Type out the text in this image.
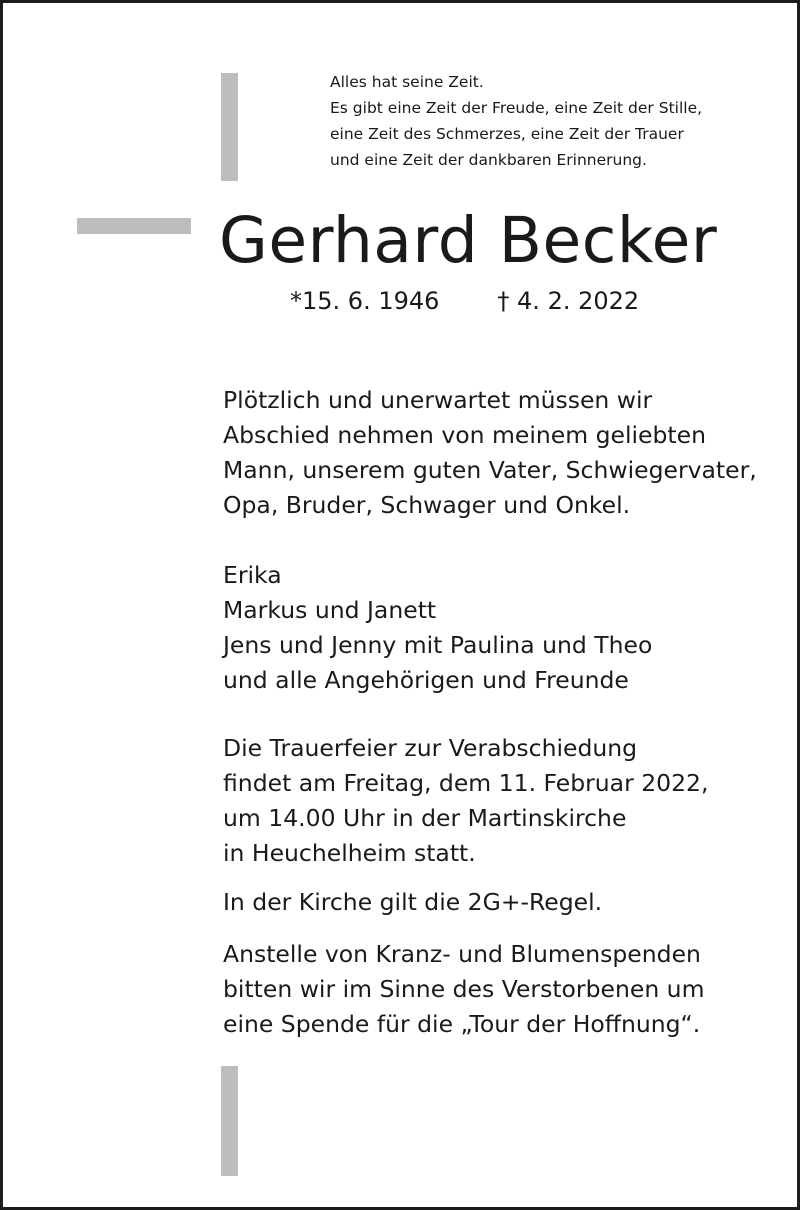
Alles hat seine Zeit.
Es gibt eine Zeit der Freude, eine Zeit der Stille,
eine Zeit des Schmerzes, eine Zeit der Trauer
und eine Zeit der dankbaren Erinnerung.
Gerhard Becker
*15. 6. 1946 † 4. 2. 2022
Plötzlich und unerwartet müssen wir
Abschied nehmen von meinem geliebten
Mann, unserem guten Vater, Schwiegervater,
Opa, Bruder, Schwager und Onkel.
Erika
Markus und Janett
Jens und Jenny mit Paulina und Theo
und alle Angehörigen und Freunde
Die Trauerfeier zur Verabschiedung
findet am Freitag, dem 11. Februar 2022,
um 14.00 Uhr in der Martinskirche
in Heuchelheim statt.
In der Kirche gilt die 2G+-Regel.
Anstelle von Kranz- und Blumenspenden
bitten wir im Sinne des Verstorbenen um
eine Spende für die „Tour der Hoffnung“.
